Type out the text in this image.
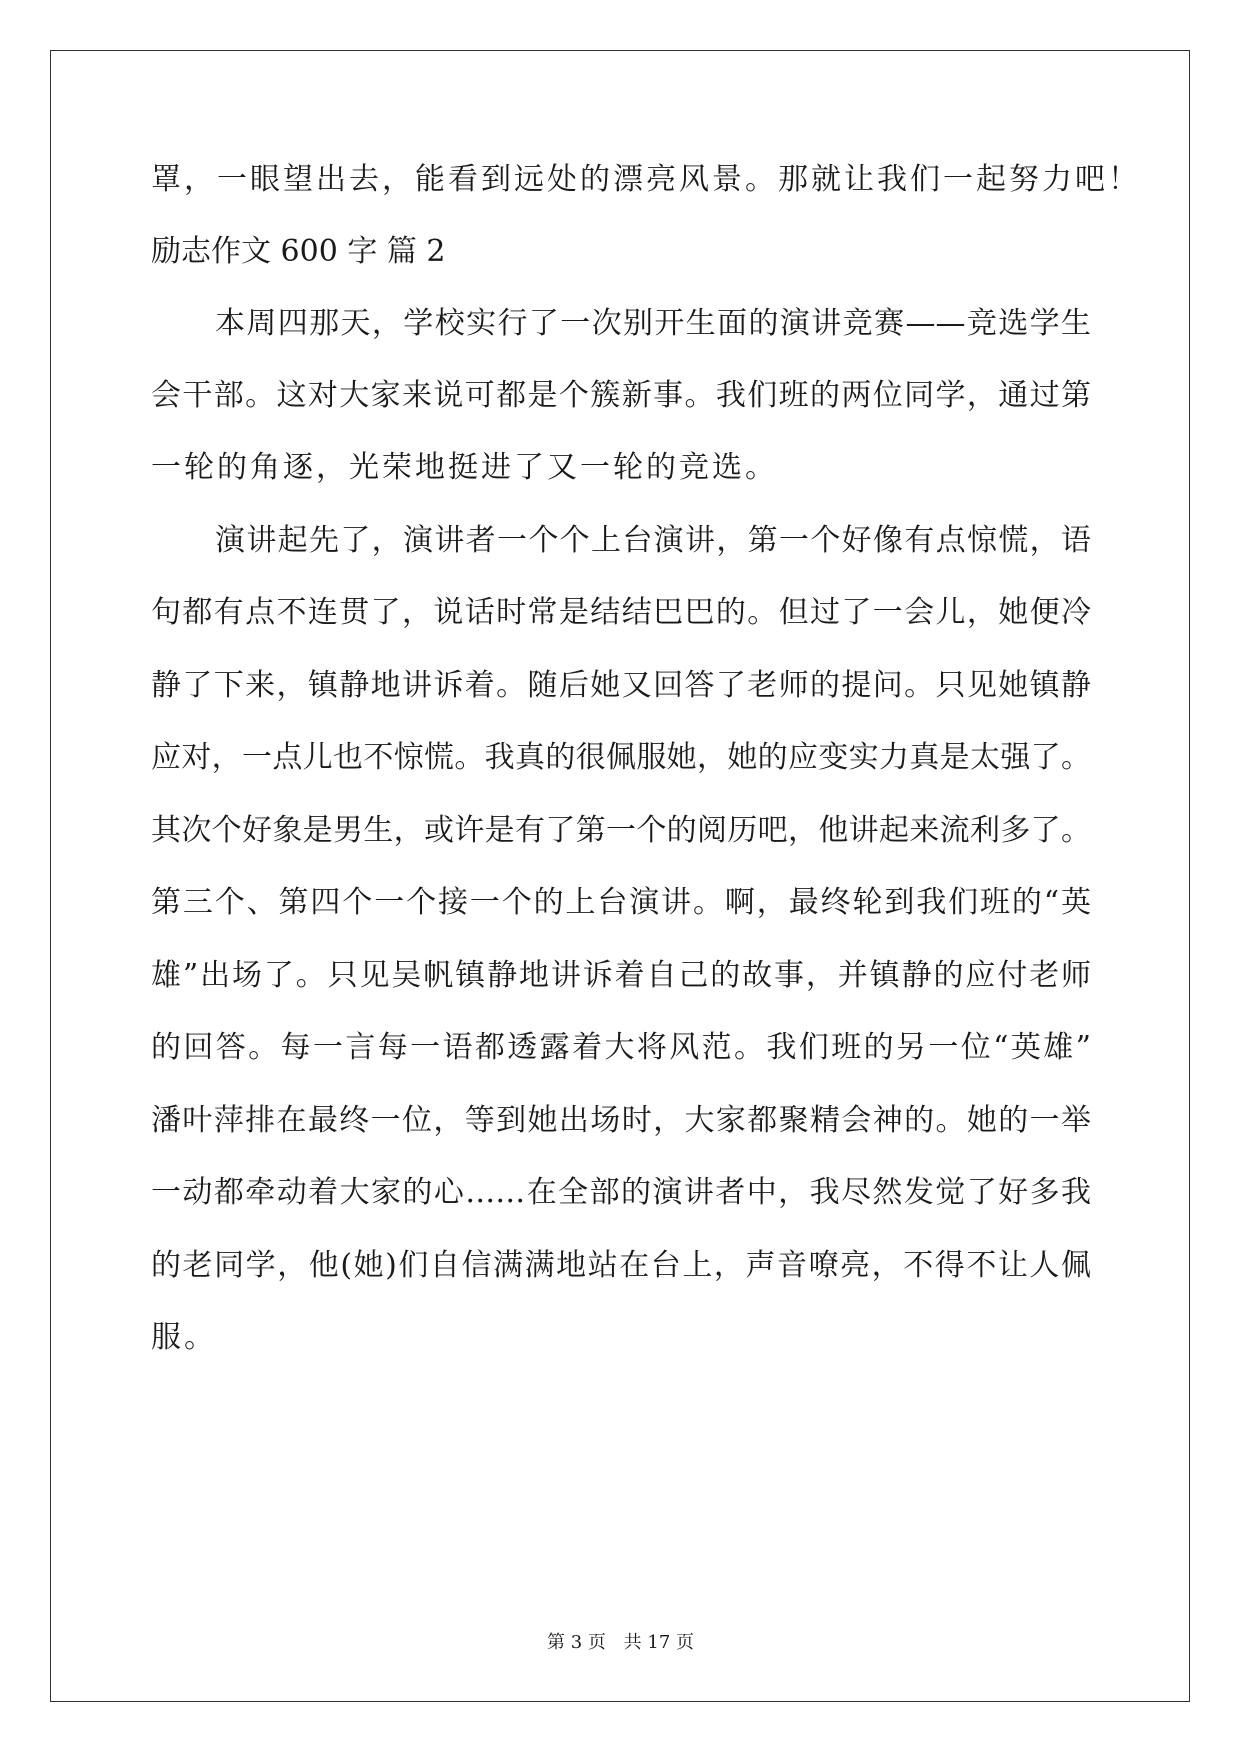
罩，一眼望出去，能看到远处的漂亮风景。那就让我们一起努力吧！
励志作文 600 字 篇 2
本周四那天，学校实行了一次别开生面的演讲竞赛——竞选学生
会干部。这对大家来说可都是个簇新事。我们班的两位同学，通过第
一轮的角逐，光荣地挺进了又一轮的竞选。
演讲起先了，演讲者一个个上台演讲，第一个好像有点惊慌，语
句都有点不连贯了，说话时常是结结巴巴的。但过了一会儿，她便冷
静了下来，镇静地讲诉着。随后她又回答了老师的提问。只见她镇静
应对，一点儿也不惊慌。我真的很佩服她，她的应变实力真是太强了。
其次个好象是男生，或许是有了第一个的阅历吧，他讲起来流利多了。
第三个、第四个一个接一个的上台演讲。啊，最终轮到我们班的“英
雄”出场了。只见吴帆镇静地讲诉着自己的故事，并镇静的应付老师
的回答。每一言每一语都透露着大将风范。我们班的另一位“英雄”
潘叶萍排在最终一位，等到她出场时，大家都聚精会神的。她的一举
一动都牵动着大家的心……在全部的演讲者中，我尽然发觉了好多我
的老同学，他(她)们自信满满地站在台上，声音嘹亮，不得不让人佩
服。
第 3 页 共 17 页
